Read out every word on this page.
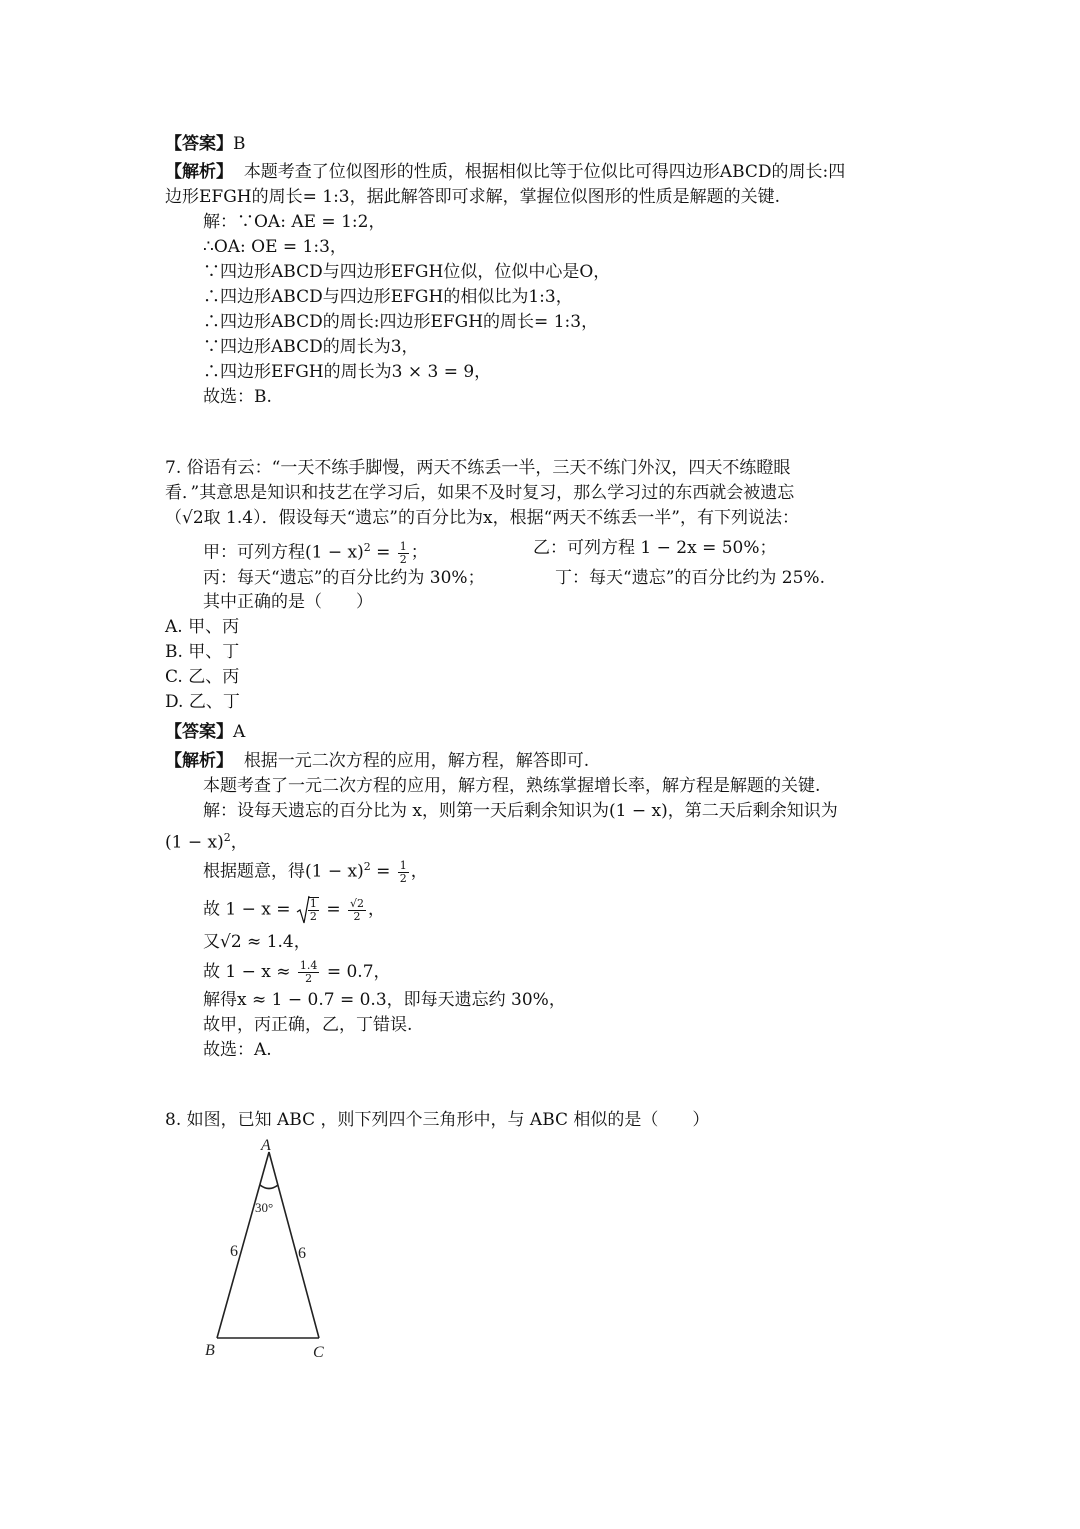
【答案】B
【解析】 本题考查了位似图形的性质，根据相似比等于位似比可得四边形ABCD的周长:四
边形EFGH的周长= 1:3，据此解答即可求解，掌握位似图形的性质是解题的关键.
解：∵OA: AE = 1:2，
∴OA: OE = 1:3，
∵四边形ABCD与四边形EFGH位似，位似中心是O，
∴四边形ABCD与四边形EFGH的相似比为1:3，
∴四边形ABCD的周长:四边形EFGH的周长= 1:3，
∵四边形ABCD的周长为3，
∴四边形EFGH的周长为3 × 3 = 9，
故选：B.
7. 俗语有云：“一天不练手脚慢，两天不练丢一半，三天不练门外汉，四天不练瞪眼
看．”其意思是知识和技艺在学习后，如果不及时复习，那么学习过的东西就会被遗忘
（√2取 1.4）．假设每天“遗忘”的百分比为x，根据“两天不练丢一半”，有下列说法：
甲：可列方程$(1 - x)^2 = \frac{1}{2}$ ；	乙：可列方程 1 − 2x = 50%；
丙：每天“遗忘”的百分比约为 30%；	丁：每天“遗忘”的百分比约为 25%.
其中正确的是（　　）
A. 甲、丙
B. 甲、丁
C. 乙、丙
D. 乙、丁
【答案】A
【解析】 根据一元二次方程的应用，解方程，解答即可.
本题考查了一元二次方程的应用，解方程，熟练掌握增长率，解方程是解题的关键.
解：设每天遗忘的百分比为 x，则第一天后剩余知识为(1 − x)，第二天后剩余知识为
$(1 - x)^2$，
根据题意，得$(1 - x)^2 = \frac{1}{2}$ ，
故 $1 - x = \frac{1}{2} = \frac{√2}{2}$ ，
又√2 ≈ 1.4，
故 $1 - x \approx \frac{1.4}{2} = 0.7$，
解得x ≈ 1 − 0.7 = 0.3，即每天遗忘约 30%，
故甲，丙正确，乙，丁错误.
故选：A.
8. 如图，已知 ABC ，则下列四个三角形中，与 ABC 相似的是（　　）
A
B	C
30°
6	6
